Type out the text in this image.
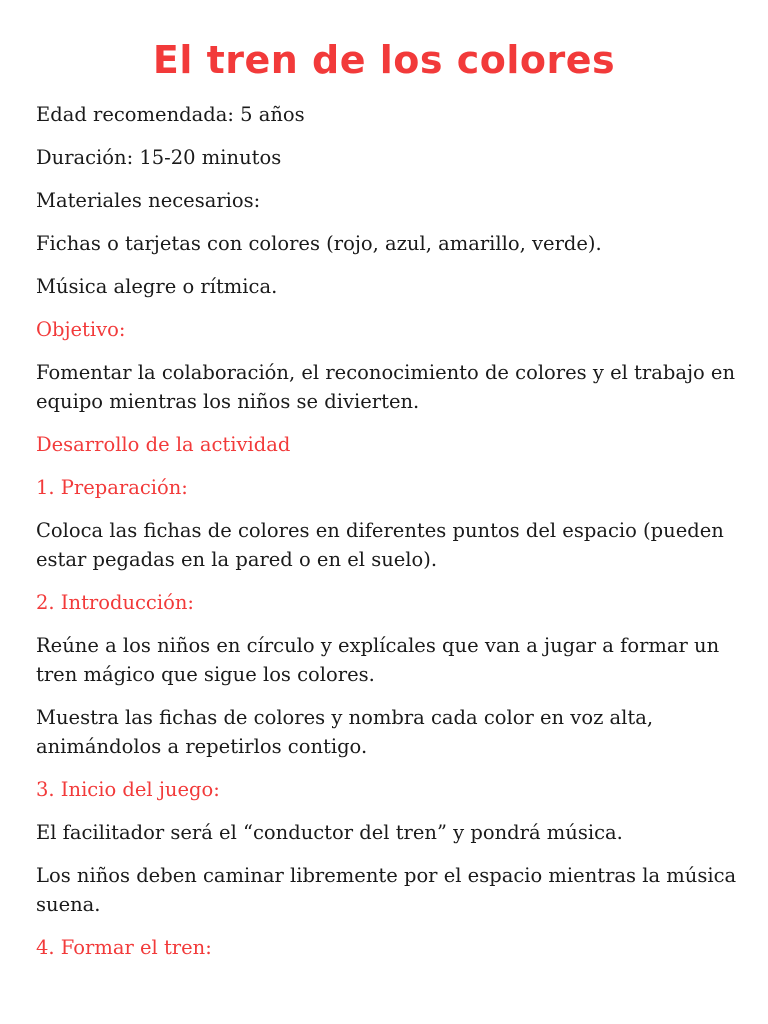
El tren de los colores

Edad recomendada: 5 años

Duración: 15-20 minutos

Materiales necesarios:

Fichas o tarjetas con colores (rojo, azul, amarillo, verde).

Música alegre o rítmica.

Objetivo:

Fomentar la colaboración, el reconocimiento de colores y el trabajo en equipo mientras los niños se divierten.

Desarrollo de la actividad

1. Preparación:

Coloca las fichas de colores en diferentes puntos del espacio (pueden estar pegadas en la pared o en el suelo).

2. Introducción:

Reúne a los niños en círculo y explícales que van a jugar a formar un tren mágico que sigue los colores.

Muestra las fichas de colores y nombra cada color en voz alta, animándolos a repetirlos contigo.

3. Inicio del juego:

El facilitador será el “conductor del tren” y pondrá música.

Los niños deben caminar libremente por el espacio mientras la música suena.

4. Formar el tren:
